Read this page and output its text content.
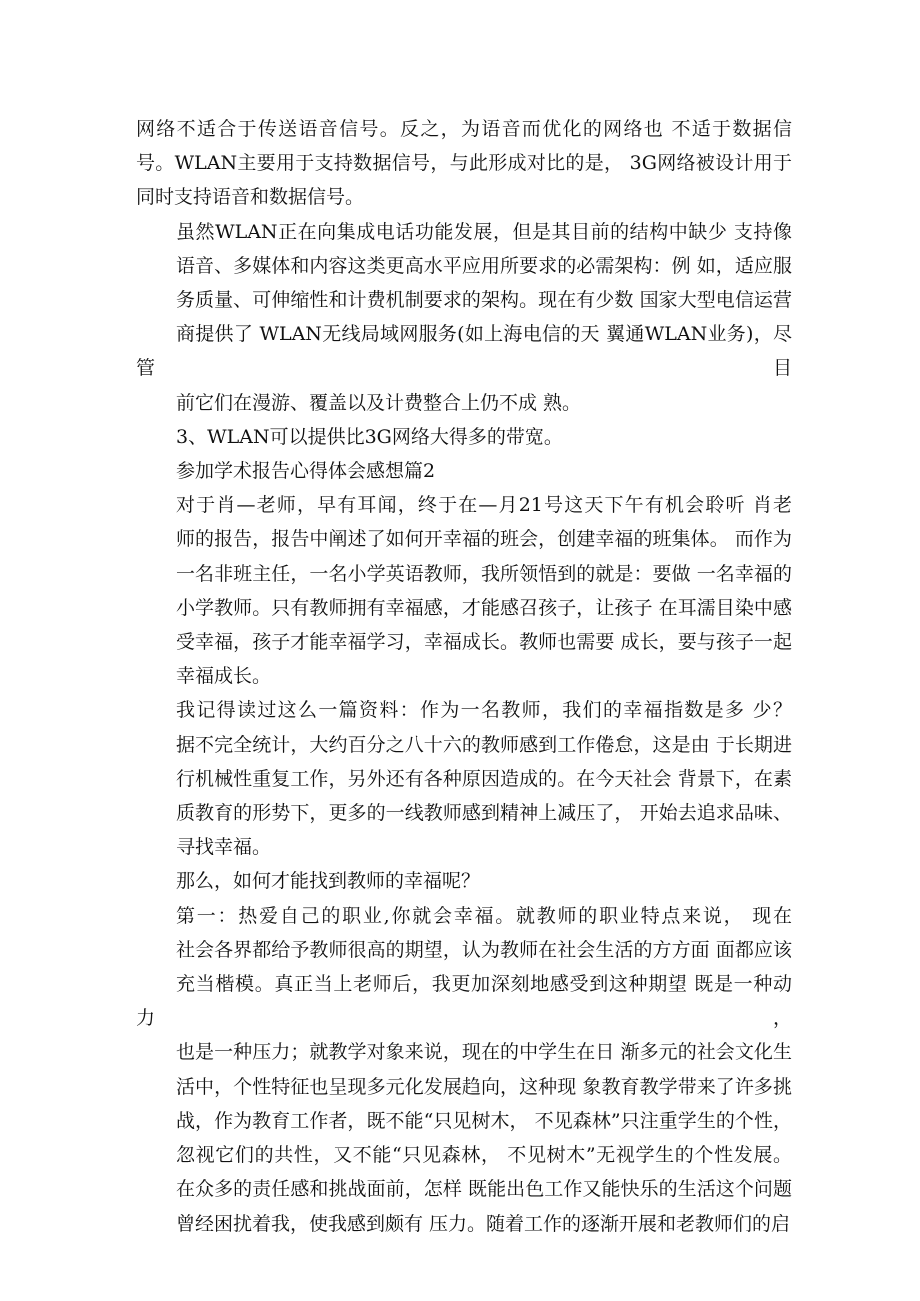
网络不适合于传送语音信号。反之，为语音而优化的网络也 不适于数据信
号。WLAN主要用于支持数据信号，与此形成对比的是， 3G网络被设计用于
同时支持语音和数据信号。
虽然WLAN正在向集成电话功能发展，但是其目前的结构中缺少 支持像
语音、多媒体和内容这类更高水平应用所要求的必需架构：例 如，适应服
务质量、可伸缩性和计费机制要求的架构。现在有少数 国家大型电信运营
商提供了 WLAN无线局域网服务(如上海电信的天 翼通WLAN业务)，尽管目
前它们在漫游、覆盖以及计费整合上仍不成 熟。
3、WLAN可以提供比3G网络大得多的带宽。
参加学术报告心得体会感想篇2
对于肖—老师，早有耳闻，终于在—月21号这天下午有机会聆听 肖老
师的报告，报告中阐述了如何开幸福的班会，创建幸福的班集体。 而作为
一名非班主任，一名小学英语教师，我所领悟到的就是：要做 一名幸福的
小学教师。只有教师拥有幸福感，才能感召孩子，让孩子 在耳濡目染中感
受幸福，孩子才能幸福学习，幸福成长。教师也需要 成长，要与孩子一起
幸福成长。
我记得读过这么一篇资料：作为一名教师，我们的幸福指数是多 少？
据不完全统计，大约百分之八十六的教师感到工作倦怠，这是由 于长期进
行机械性重复工作，另外还有各种原因造成的。在今天社会 背景下，在素
质教育的形势下，更多的一线教师感到精神上减压了， 开始去追求品味、
寻找幸福。
那么，如何才能找到教师的幸福呢？
第一：热爱自己的职业,你就会幸福。就教师的职业特点来说， 现在
社会各界都给予教师很高的期望，认为教师在社会生活的方方面 面都应该
充当楷模。真正当上老师后，我更加深刻地感受到这种期望 既是一种动力，
也是一种压力；就教学对象来说，现在的中学生在日 渐多元的社会文化生
活中，个性特征也呈现多元化发展趋向，这种现 象教育教学带来了许多挑
战，作为教育工作者，既不能“只见树木， 不见森林”只注重学生的个性，
忽视它们的共性，又不能“只见森林， 不见树木”无视学生的个性发展。
在众多的责任感和挑战面前，怎样 既能出色工作又能快乐的生活这个问题
曾经困扰着我，使我感到颇有 压力。随着工作的逐渐开展和老教师们的启
